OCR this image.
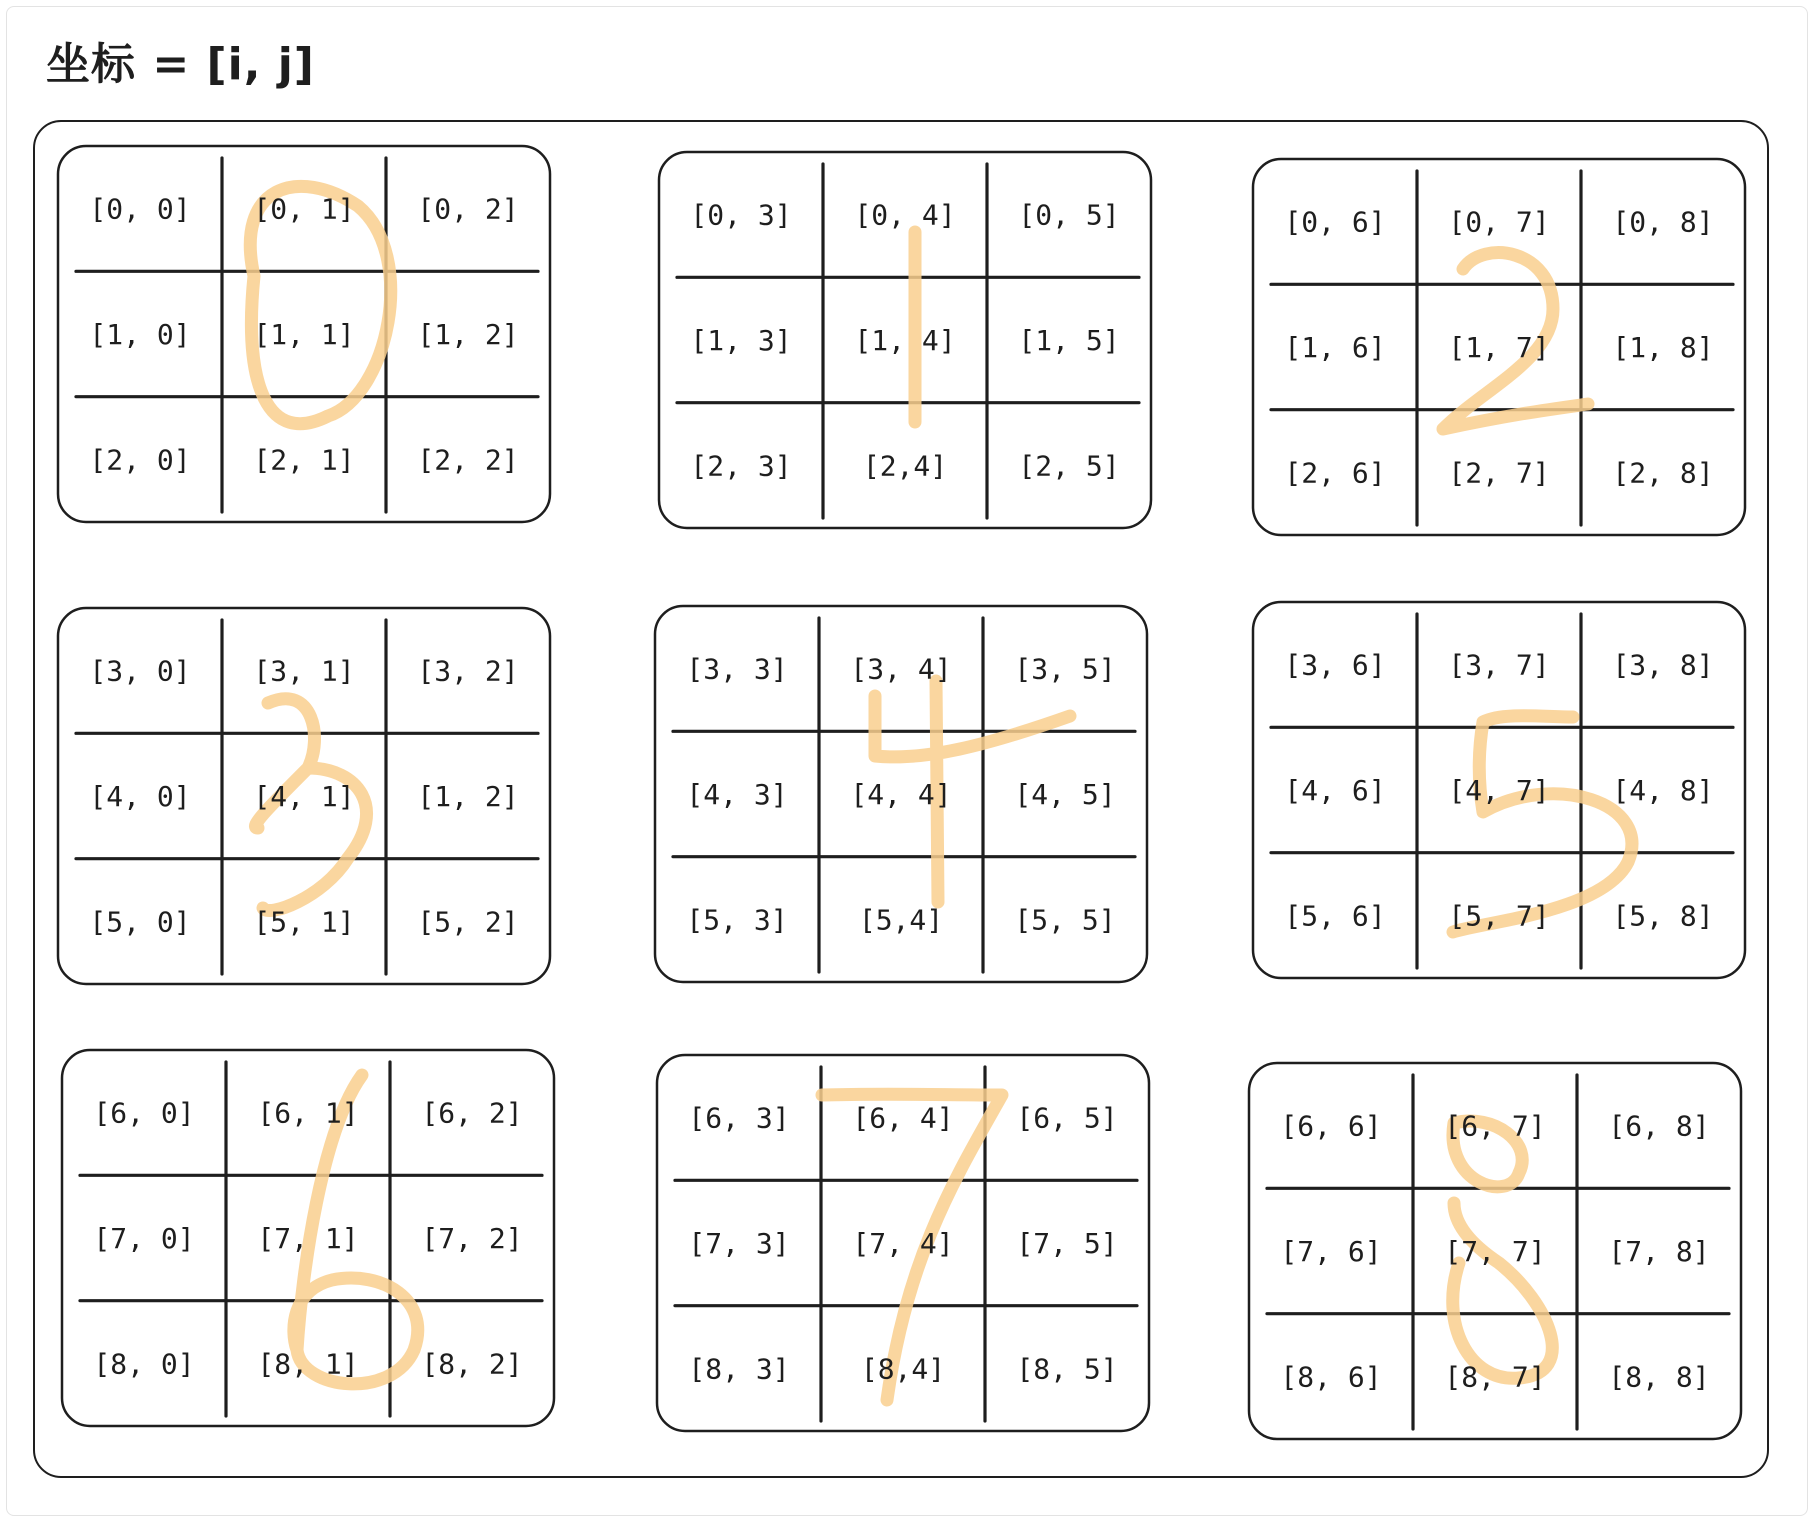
坐标 = [i, j]
[0, 0] [0, 1] [0, 2]
[1, 0] [1, 1] [1, 2]
[2, 0] [2, 1] [2, 2]
[0, 3] [0, 4] [0, 5]
[1, 3] [1, 4] [1, 5]
[2, 3]	[2,4]	[2, 5]
[0, 6] [0, 7] [0, 8]
[1, 6] [1, 7] [1, 8]
[2, 6] [2, 7] [2, 8]
[3, 0] [3, 1] [3, 2]
[4, 0] [4, 1] [1, 2]
[5, 0] [5, 1] [5, 2]
[3, 3] [3, 4] [3, 5]
[4, 3] [4, 4] [4, 5]
[5, 3]	[5,4]	[5, 5]
[3, 6] [3, 7] [3, 8]
[4, 6] [4, 7] [4, 8]
[5, 6] [5, 7] [5, 8]
[6, 0] [6, 1] [6, 2]
[7, 0] [7, 1] [7, 2]
[8, 0] [8, 1] [8, 2]
[6, 3] [6, 4] [6, 5]
[7, 3] [7, 4] [7, 5]
[8, 3]	[8,4]	[8, 5]
[6, 6] [6, 7] [6, 8]
[7, 6] [7, 7] [7, 8]
[8, 6] [8, 7] [8, 8]
